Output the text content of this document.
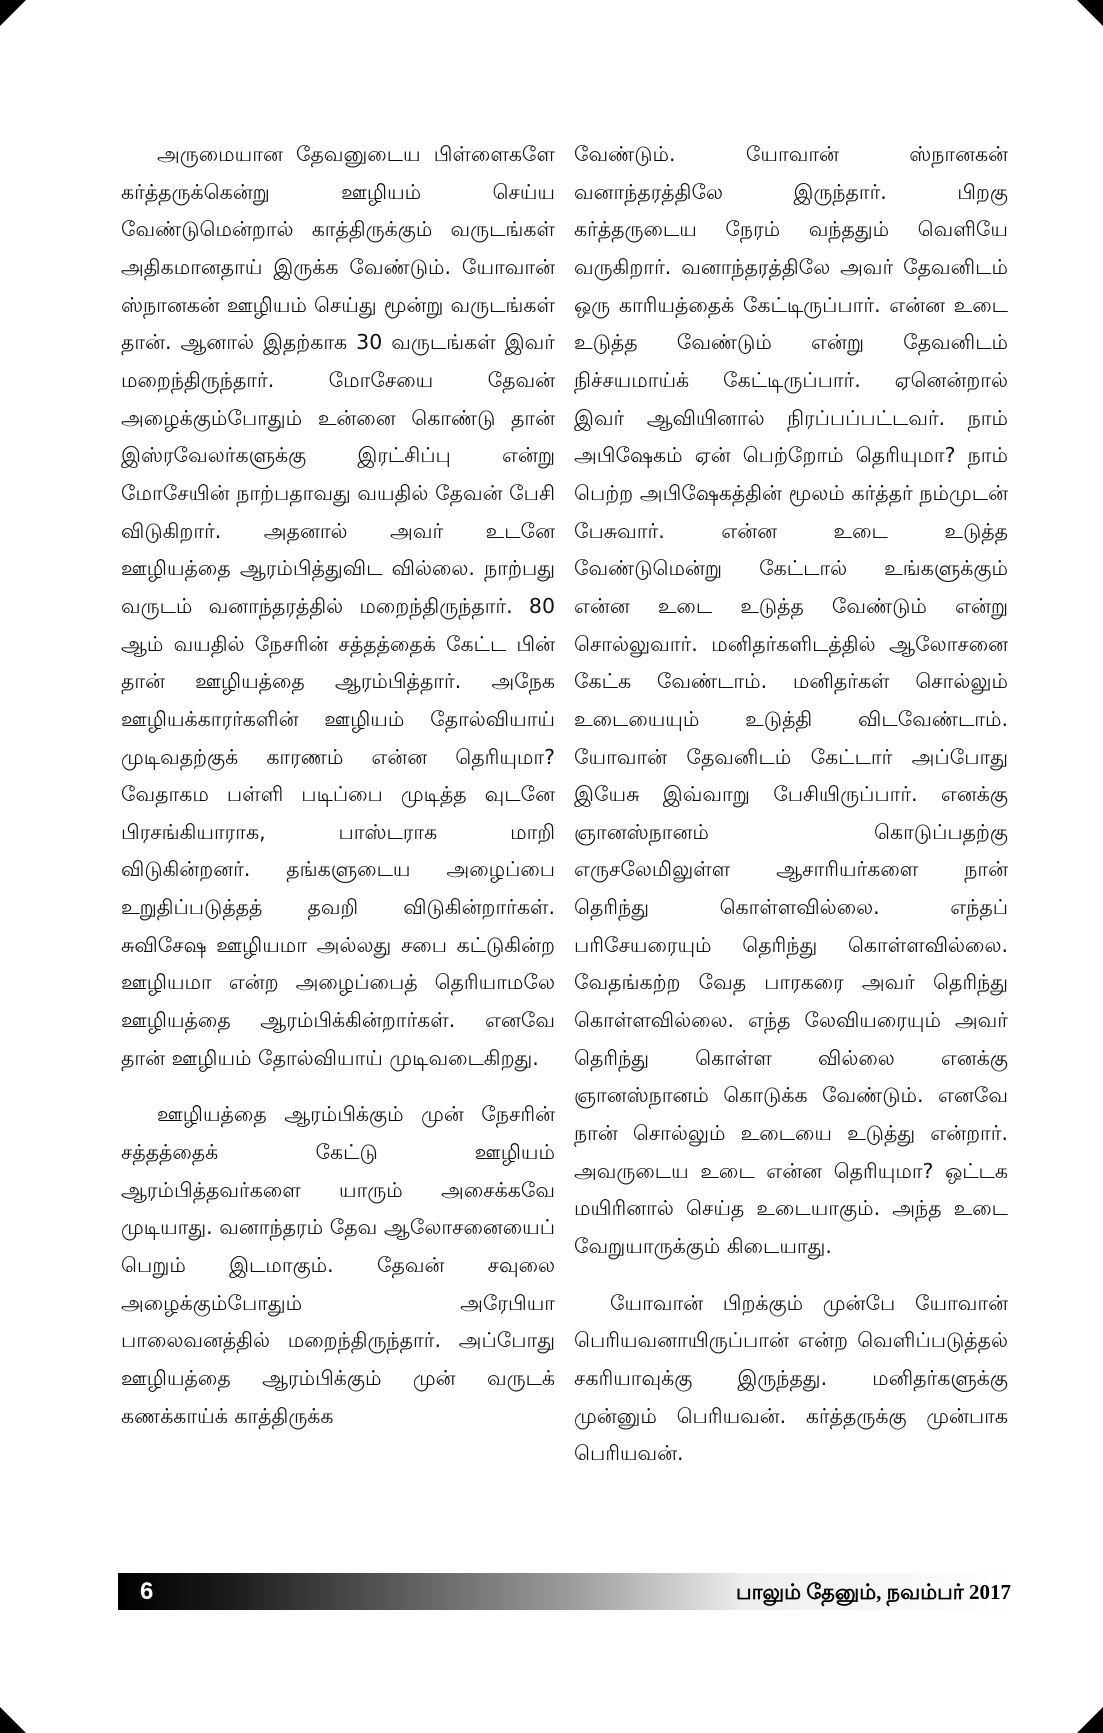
அருமையான தேவனுடைய பிள்ளைகளே கர்த்தருக்கென்று ஊழியம் செய்ய வேண்டுமென்றால் காத்திருக்கும் வருடங்கள் அதிகமானதாய் இருக்க வேண்டும். யோவான் ஸ்நானகன் ஊழியம் செய்து மூன்று வருடங்கள் தான். ஆனால் இதற்காக 30 வருடங்கள் இவர் மறைந்திருந்தார். மோசேயை தேவன் அழைக்கும்போதும் உன்னை கொண்டு தான் இஸ்ரவேலர்களுக்கு இரட்சிப்பு என்று மோசேயின் நாற்பதாவது வயதில் தேவன் பேசி விடுகிறார். அதனால் அவர் உடனே ஊழியத்தை ஆரம்பித்துவிட வில்லை. நாற்பது வருடம் வனாந்தரத்தில் மறைந்திருந்தார். 80 ஆம் வயதில் நேசரின் சத்தத்தைக் கேட்ட பின் தான் ஊழியத்தை ஆரம்பித்தார். அநேக ஊழியக்காரர்களின் ஊழியம் தோல்வியாய் முடிவதற்குக் காரணம் என்ன தெரியுமா? வேதாகம பள்ளி படிப்பை முடித்த வுடனே பிரசங்கியாராக, பாஸ்டராக மாறி விடுகின்றனர். தங்களுடைய அழைப்பை உறுதிப்படுத்தத் தவறி விடுகின்றார்கள். சுவிசேஷ ஊழியமா அல்லது சபை கட்டுகின்ற ஊழியமா என்ற அழைப்பைத் தெரியாமலே ஊழியத்தை ஆரம்பிக்கின்றார்கள். எனவே தான் ஊழியம் தோல்வியாய் முடிவடைகிறது.

ஊழியத்தை ஆரம்பிக்கும் முன் நேசரின் சத்தத்தைக் கேட்டு ஊழியம் ஆரம்பித்தவர்களை யாரும் அசைக்கவே முடியாது. வனாந்தரம் தேவ ஆலோசனையைப் பெறும் இடமாகும். தேவன் சவுலை அழைக்கும்போதும் அரேபியா பாலைவனத்தில் மறைந்திருந்தார். அப்போது ஊழியத்தை ஆரம்பிக்கும் முன் வருடக் கணக்காய்க் காத்திருக்க

வேண்டும். யோவான் ஸ்நானகன் வனாந்தரத்திலே இருந்தார். பிறகு கர்த்தருடைய நேரம் வந்ததும் வெளியே வருகிறார். வனாந்தரத்திலே அவர் தேவனிடம் ஒரு காரியத்தைக் கேட்டிருப்பார். என்ன உடை உடுத்த வேண்டும் என்று தேவனிடம் நிச்சயமாய்க் கேட்டிருப்பார். ஏனென்றால் இவர் ஆவியினால் நிரப்பப்பட்டவர். நாம் அபிஷேகம் ஏன் பெற்றோம் தெரியுமா? நாம் பெற்ற அபிஷேகத்தின் மூலம் கர்த்தர் நம்முடன் பேசுவார். என்ன உடை உடுத்த வேண்டுமென்று கேட்டால் உங்களுக்கும் என்ன உடை உடுத்த வேண்டும் என்று சொல்லுவார். மனிதர்களிடத்தில் ஆலோசனை கேட்க வேண்டாம். மனிதர்கள் சொல்லும் உடையையும் உடுத்தி விடவேண்டாம். யோவான் தேவனிடம் கேட்டார் அப்போது இயேசு இவ்வாறு பேசியிருப்பார். எனக்கு ஞானஸ்நானம் கொடுப்பதற்கு எருசலேமிலுள்ள ஆசாரியர்களை நான் தெரிந்து கொள்ளவில்லை. எந்தப் பரிசேயரையும் தெரிந்து கொள்ளவில்லை. வேதங்கற்ற வேத பாரகரை அவர் தெரிந்து கொள்ளவில்லை. எந்த லேவியரையும் அவர் தெரிந்து கொள்ள வில்லை எனக்கு ஞானஸ்நானம் கொடுக்க வேண்டும். எனவே நான் சொல்லும் உடையை உடுத்து என்றார். அவருடைய உடை என்ன தெரியுமா? ஒட்டக மயிரினால் செய்த உடையாகும். அந்த உடை வேறுயாருக்கும் கிடையாது.

யோவான் பிறக்கும் முன்பே யோவான் பெரியவனாயிருப்பான் என்ற வெளிப்படுத்தல் சகரியாவுக்கு இருந்தது. மனிதர்களுக்கு முன்னும் பெரியவன். கர்த்தருக்கு முன்பாக பெரியவன்.

6	பாலும் தேனும், நவம்பர் 2017
